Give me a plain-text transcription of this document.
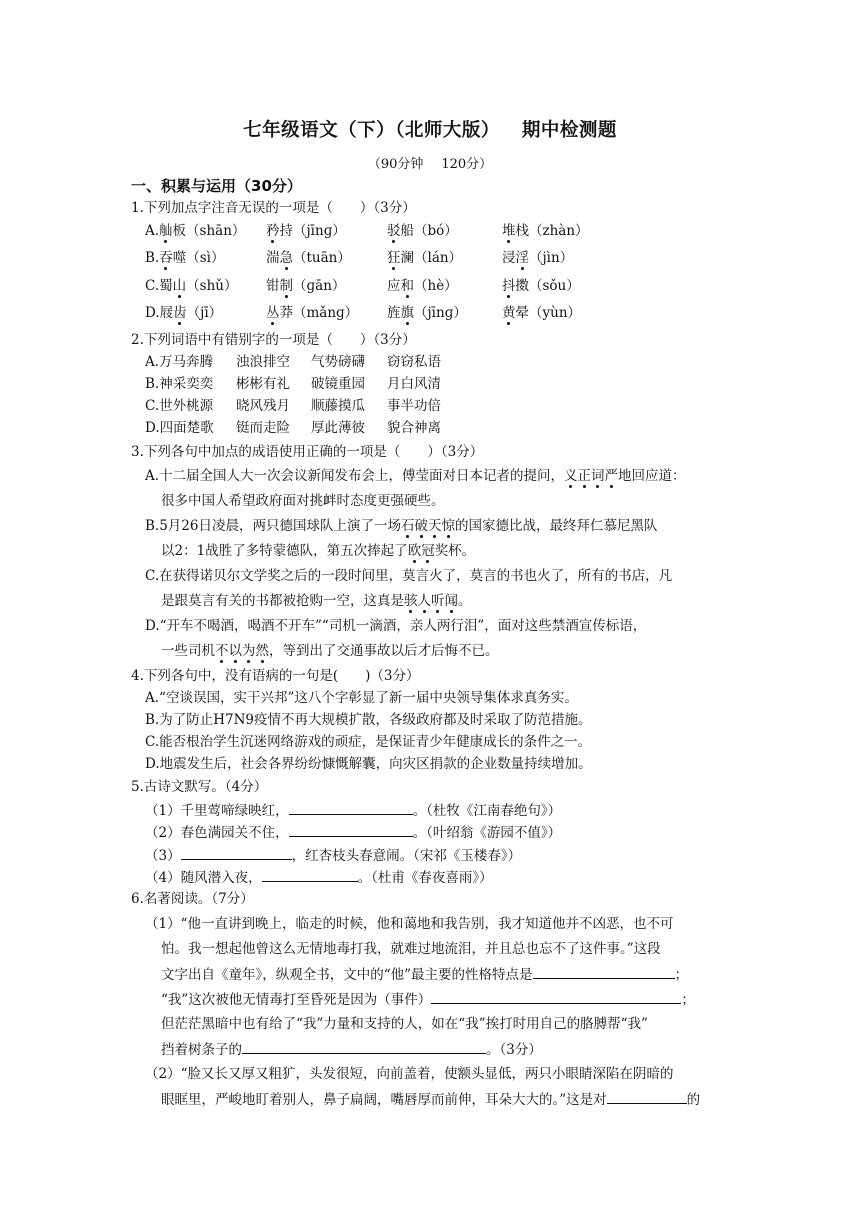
七年级语文（下）（北师大版） 期中检测题
（90分钟 120分）
一、积累与运用（30分）
1.下列加点字注音无误的一项是（　　）（3分）
A.舢板（shān） 矜持（jīnɡ）	驳船（bó）	堆栈（zhàn）
B.吞噬（sì）	湍急（tuān）	狂澜（lán）	浸淫（jìn）
C.蜀山（shǔ） 钳制（ɡān）	应和（hè）	抖擞（sǒu）
D.屐齿（jī）	丛莽（mǎnɡ） 旌旗（jīnɡ）	黄晕（yùn）
2.下列词语中有错别字的一项是（　　）（3分）
A.万马奔腾 浊浪排空 气势磅礴 窃窃私语
B.神采奕奕 彬彬有礼 破镜重园 月白风清
C.世外桃源 晓风残月 顺藤摸瓜 事半功倍
D.四面楚歌 铤而走险 厚此薄彼 貌合神离
3.下列各句中加点的成语使用正确的一项是（　　）（3分）
A.十二届全国人大一次会议新闻发布会上，傅莹面对日本记者的提问，义正词严地回应道：
很多中国人希望政府面对挑衅时态度更强硬些。
B.5月26日凌晨，两只德国球队上演了一场石破天惊的国家德比战，最终拜仁慕尼黑队
以2：1战胜了多特蒙德队，第五次捧起了欧冠奖杯。
C.在获得诺贝尔文学奖之后的一段时间里，莫言火了，莫言的书也火了，所有的书店，凡
是跟莫言有关的书都被抢购一空，这真是骇人听闻。
D.“开车不喝酒，喝酒不开车”“司机一滴酒，亲人两行泪”，面对这些禁酒宣传标语，
一些司机不以为然，等到出了交通事故以后才后悔不已。
4.下列各句中，没有语病的一句是(　　)（3分）
A.“空谈误国，实干兴邦”这八个字彰显了新一届中央领导集体求真务实。
B.为了防止H7N9疫情不再大规模扩散，各级政府都及时采取了防范措施。
C.能否根治学生沉迷网络游戏的顽症，是保证青少年健康成长的条件之一。
D.地震发生后，社会各界纷纷慷慨解囊，向灾区捐款的企业数量持续增加。
5.古诗文默写。（4分）
（1）千里莺啼绿映红，	。（杜牧《江南春绝句》）
（2）春色满园关不住，	。（叶绍翁《游园不值》）
（3）	，红杏枝头春意闹。（宋祁《玉楼春》）
（4）随风潜入夜，	。（杜甫《春夜喜雨》）
6.名著阅读。（7分）
（1）“他一直讲到晚上，临走的时候，他和蔼地和我告别，我才知道他并不凶恶，也不可
怕。我一想起他曾这么无情地毒打我，就难过地流泪，并且总也忘不了这件事。”这段
文字出自《童年》，纵观全书，文中的“他”最主要的性格特点是	；
“我”这次被他无情毒打至昏死是因为（事件）	；
但茫茫黑暗中也有给了“我”力量和支持的人，如在“我”挨打时用自己的胳膊帮“我”
挡着树条子的	。（3分）
（2）“脸又长又厚又粗犷，头发很短，向前盖着，使额头显低，两只小眼睛深陷在阴暗的
眼眶里，严峻地盯着别人，鼻子扁阔，嘴唇厚而前伸，耳朵大大的。”这是对	的
